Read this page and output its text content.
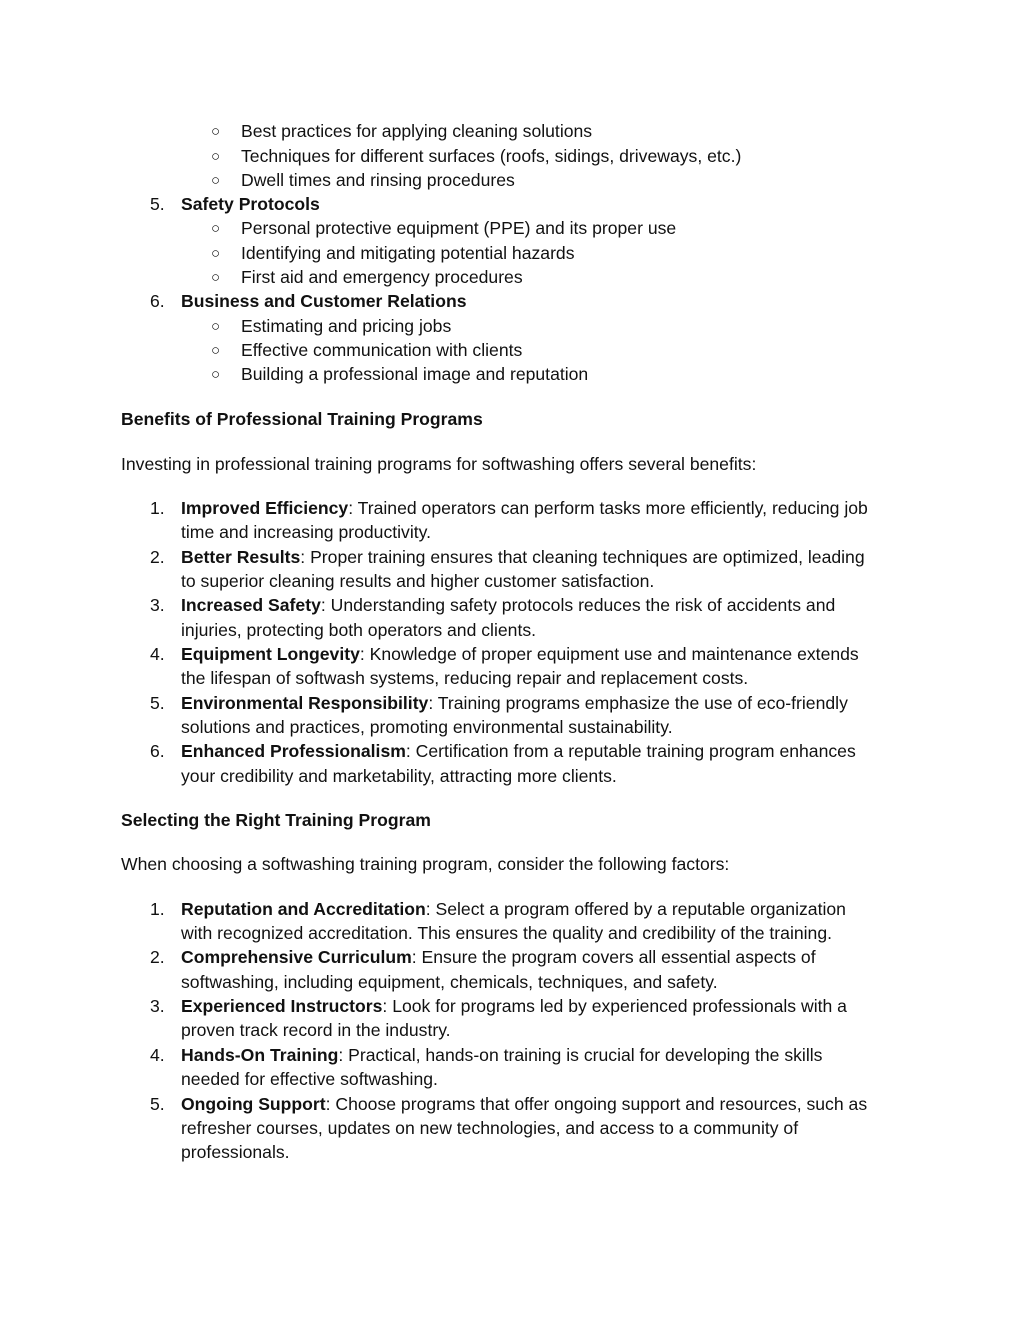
○ Best practices for applying cleaning solutions
○ Techniques for different surfaces (roofs, sidings, driveways, etc.)
○ Dwell times and rinsing procedures
5. Safety Protocols
○ Personal protective equipment (PPE) and its proper use
○ Identifying and mitigating potential hazards
○ First aid and emergency procedures
6. Business and Customer Relations
○ Estimating and pricing jobs
○ Effective communication with clients
○ Building a professional image and reputation
Benefits of Professional Training Programs
Investing in professional training programs for softwashing offers several benefits:
1. Improved Efficiency: Trained operators can perform tasks more efficiently, reducing job
time and increasing productivity.
2. Better Results: Proper training ensures that cleaning techniques are optimized, leading
to superior cleaning results and higher customer satisfaction.
3. Increased Safety: Understanding safety protocols reduces the risk of accidents and
injuries, protecting both operators and clients.
4. Equipment Longevity: Knowledge of proper equipment use and maintenance extends
the lifespan of softwash systems, reducing repair and replacement costs.
5. Environmental Responsibility: Training programs emphasize the use of eco-friendly
solutions and practices, promoting environmental sustainability.
6. Enhanced Professionalism: Certification from a reputable training program enhances
your credibility and marketability, attracting more clients.
Selecting the Right Training Program
When choosing a softwashing training program, consider the following factors:
1. Reputation and Accreditation: Select a program offered by a reputable organization
with recognized accreditation. This ensures the quality and credibility of the training.
2. Comprehensive Curriculum: Ensure the program covers all essential aspects of
softwashing, including equipment, chemicals, techniques, and safety.
3. Experienced Instructors: Look for programs led by experienced professionals with a
proven track record in the industry.
4. Hands-On Training: Practical, hands-on training is crucial for developing the skills
needed for effective softwashing.
5. Ongoing Support: Choose programs that offer ongoing support and resources, such as
refresher courses, updates on new technologies, and access to a community of
professionals.
